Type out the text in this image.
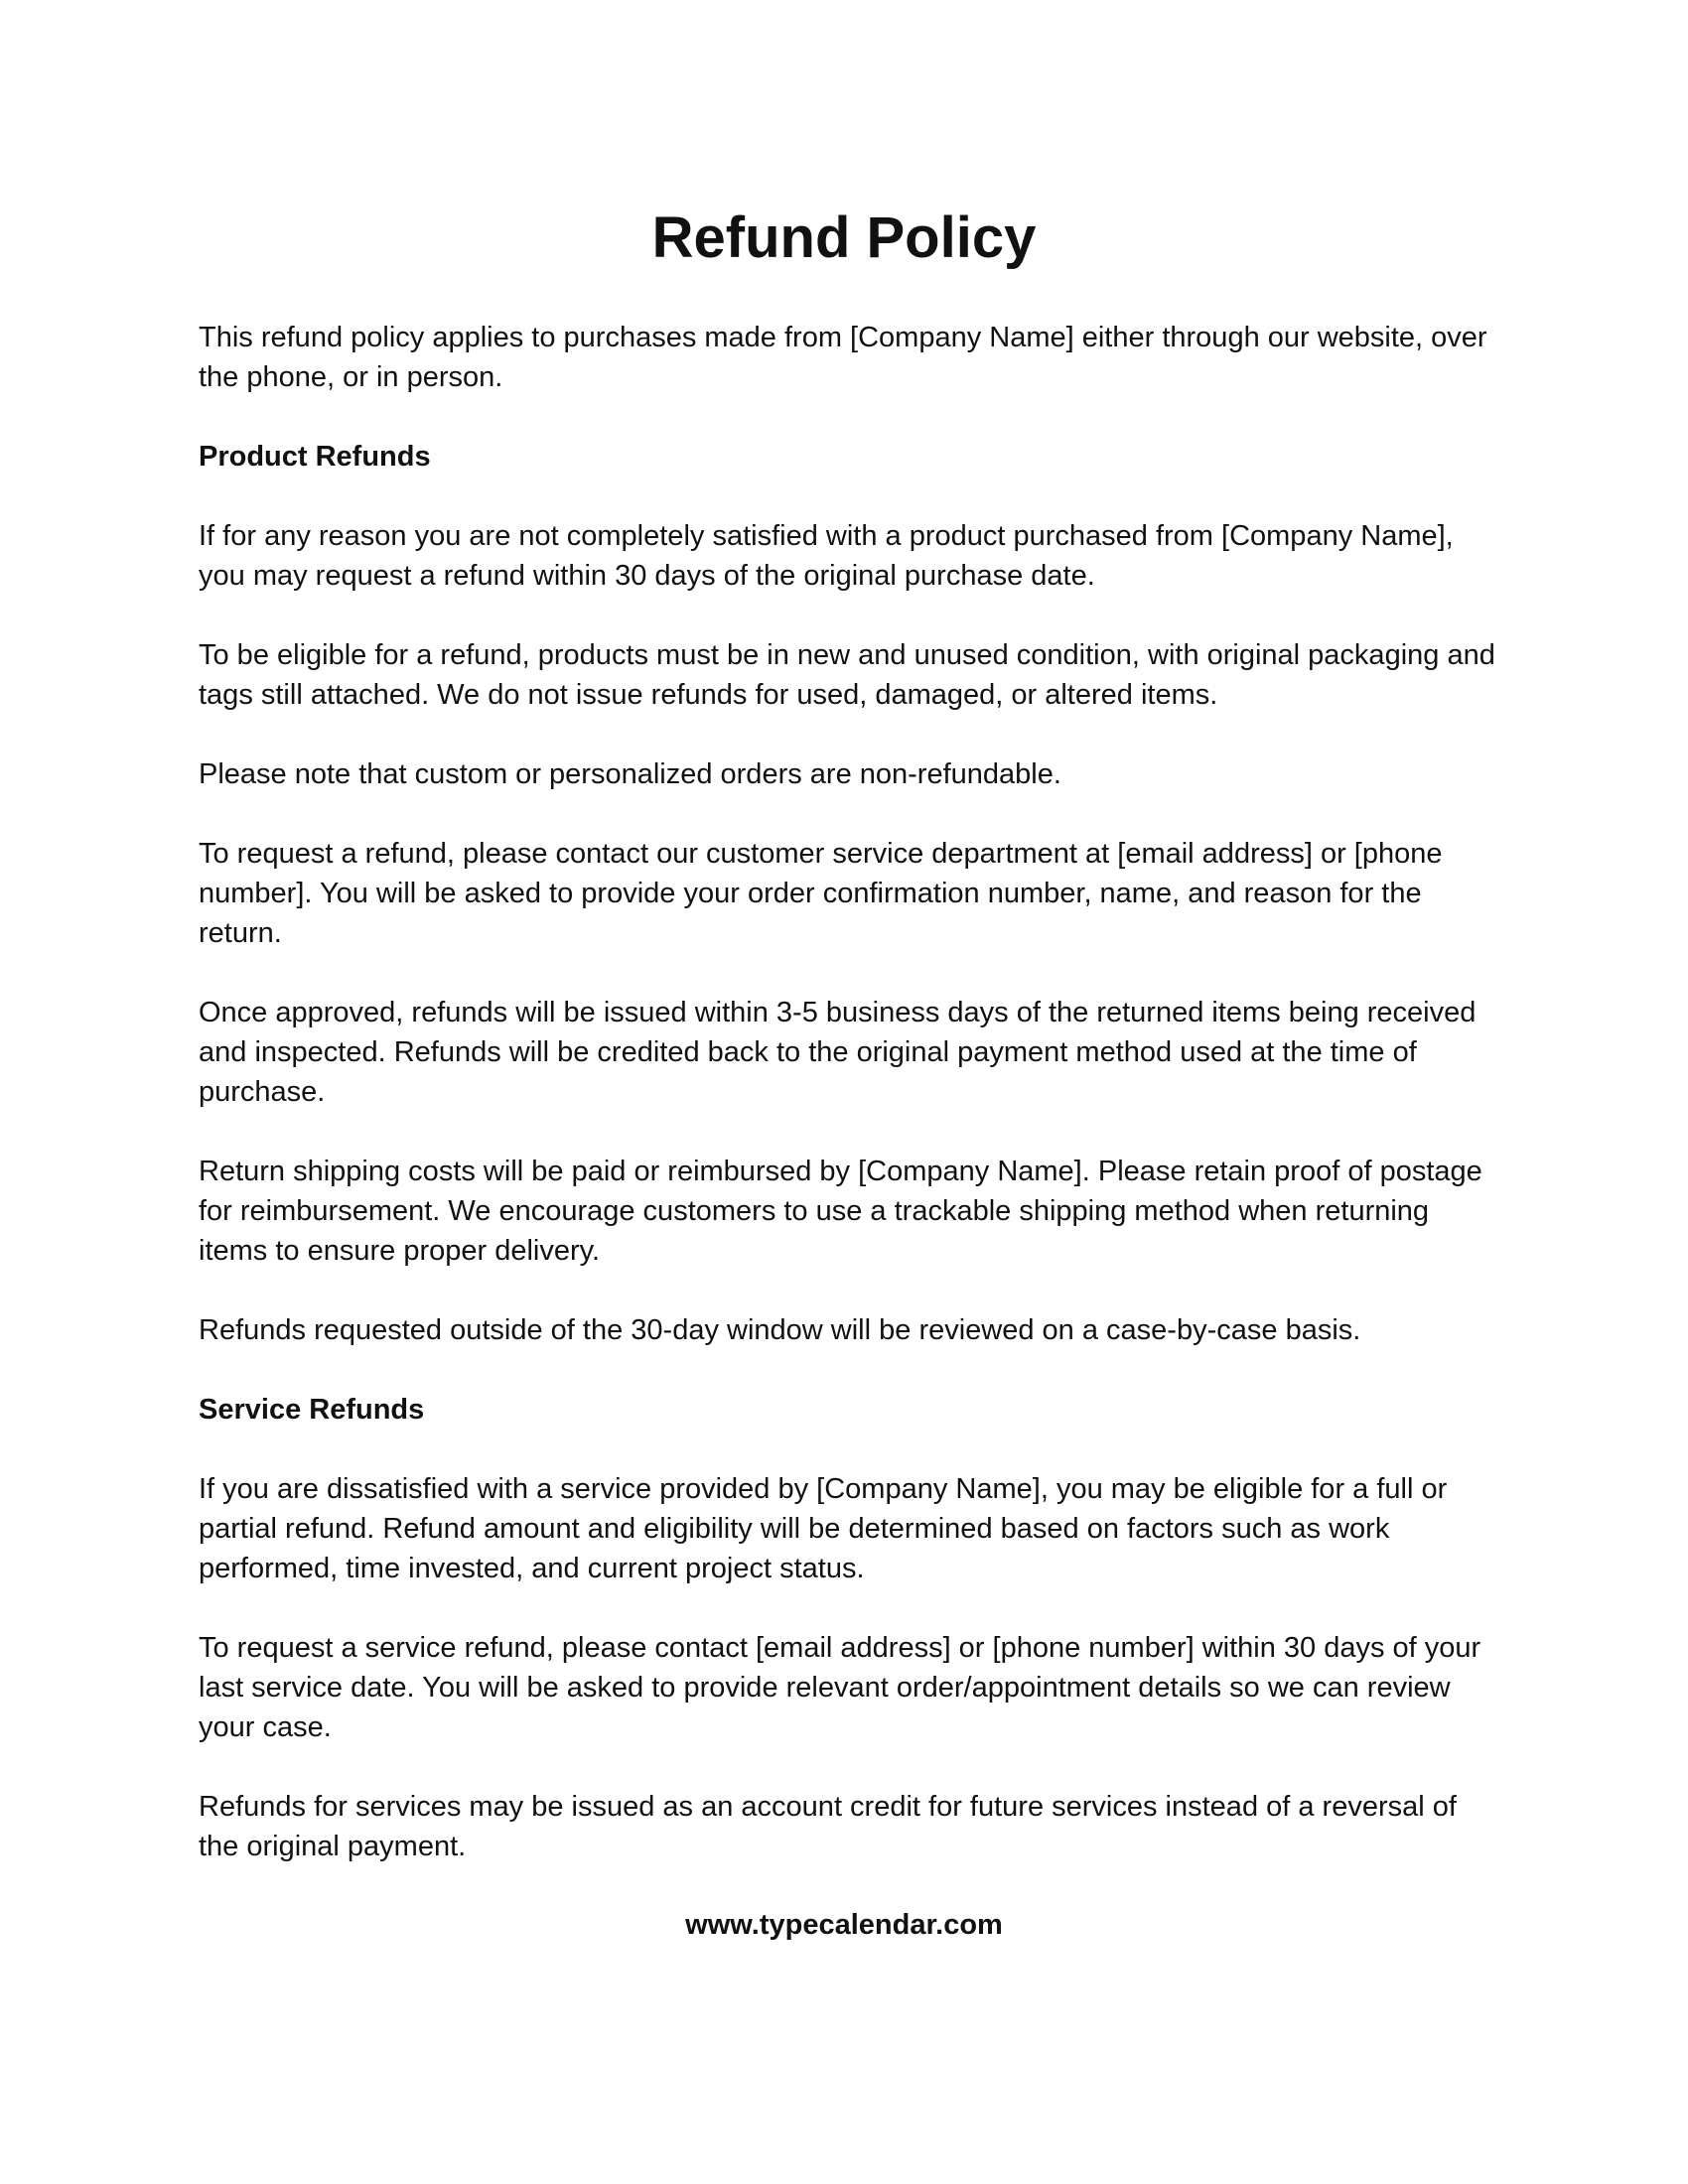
Refund Policy

This refund policy applies to purchases made from [Company Name] either through our website, over the phone, or in person.

Product Refunds

If for any reason you are not completely satisfied with a product purchased from [Company Name], you may request a refund within 30 days of the original purchase date.

To be eligible for a refund, products must be in new and unused condition, with original packaging and tags still attached. We do not issue refunds for used, damaged, or altered items.

Please note that custom or personalized orders are non-refundable.

To request a refund, please contact our customer service department at [email address] or [phone number]. You will be asked to provide your order confirmation number, name, and reason for the return.

Once approved, refunds will be issued within 3-5 business days of the returned items being received and inspected. Refunds will be credited back to the original payment method used at the time of purchase.

Return shipping costs will be paid or reimbursed by [Company Name]. Please retain proof of postage for reimbursement. We encourage customers to use a trackable shipping method when returning items to ensure proper delivery.

Refunds requested outside of the 30-day window will be reviewed on a case-by-case basis.

Service Refunds

If you are dissatisfied with a service provided by [Company Name], you may be eligible for a full or partial refund. Refund amount and eligibility will be determined based on factors such as work performed, time invested, and current project status.

To request a service refund, please contact [email address] or [phone number] within 30 days of your last service date. You will be asked to provide relevant order/appointment details so we can review your case.

Refunds for services may be issued as an account credit for future services instead of a reversal of the original payment.

www.typecalendar.com
